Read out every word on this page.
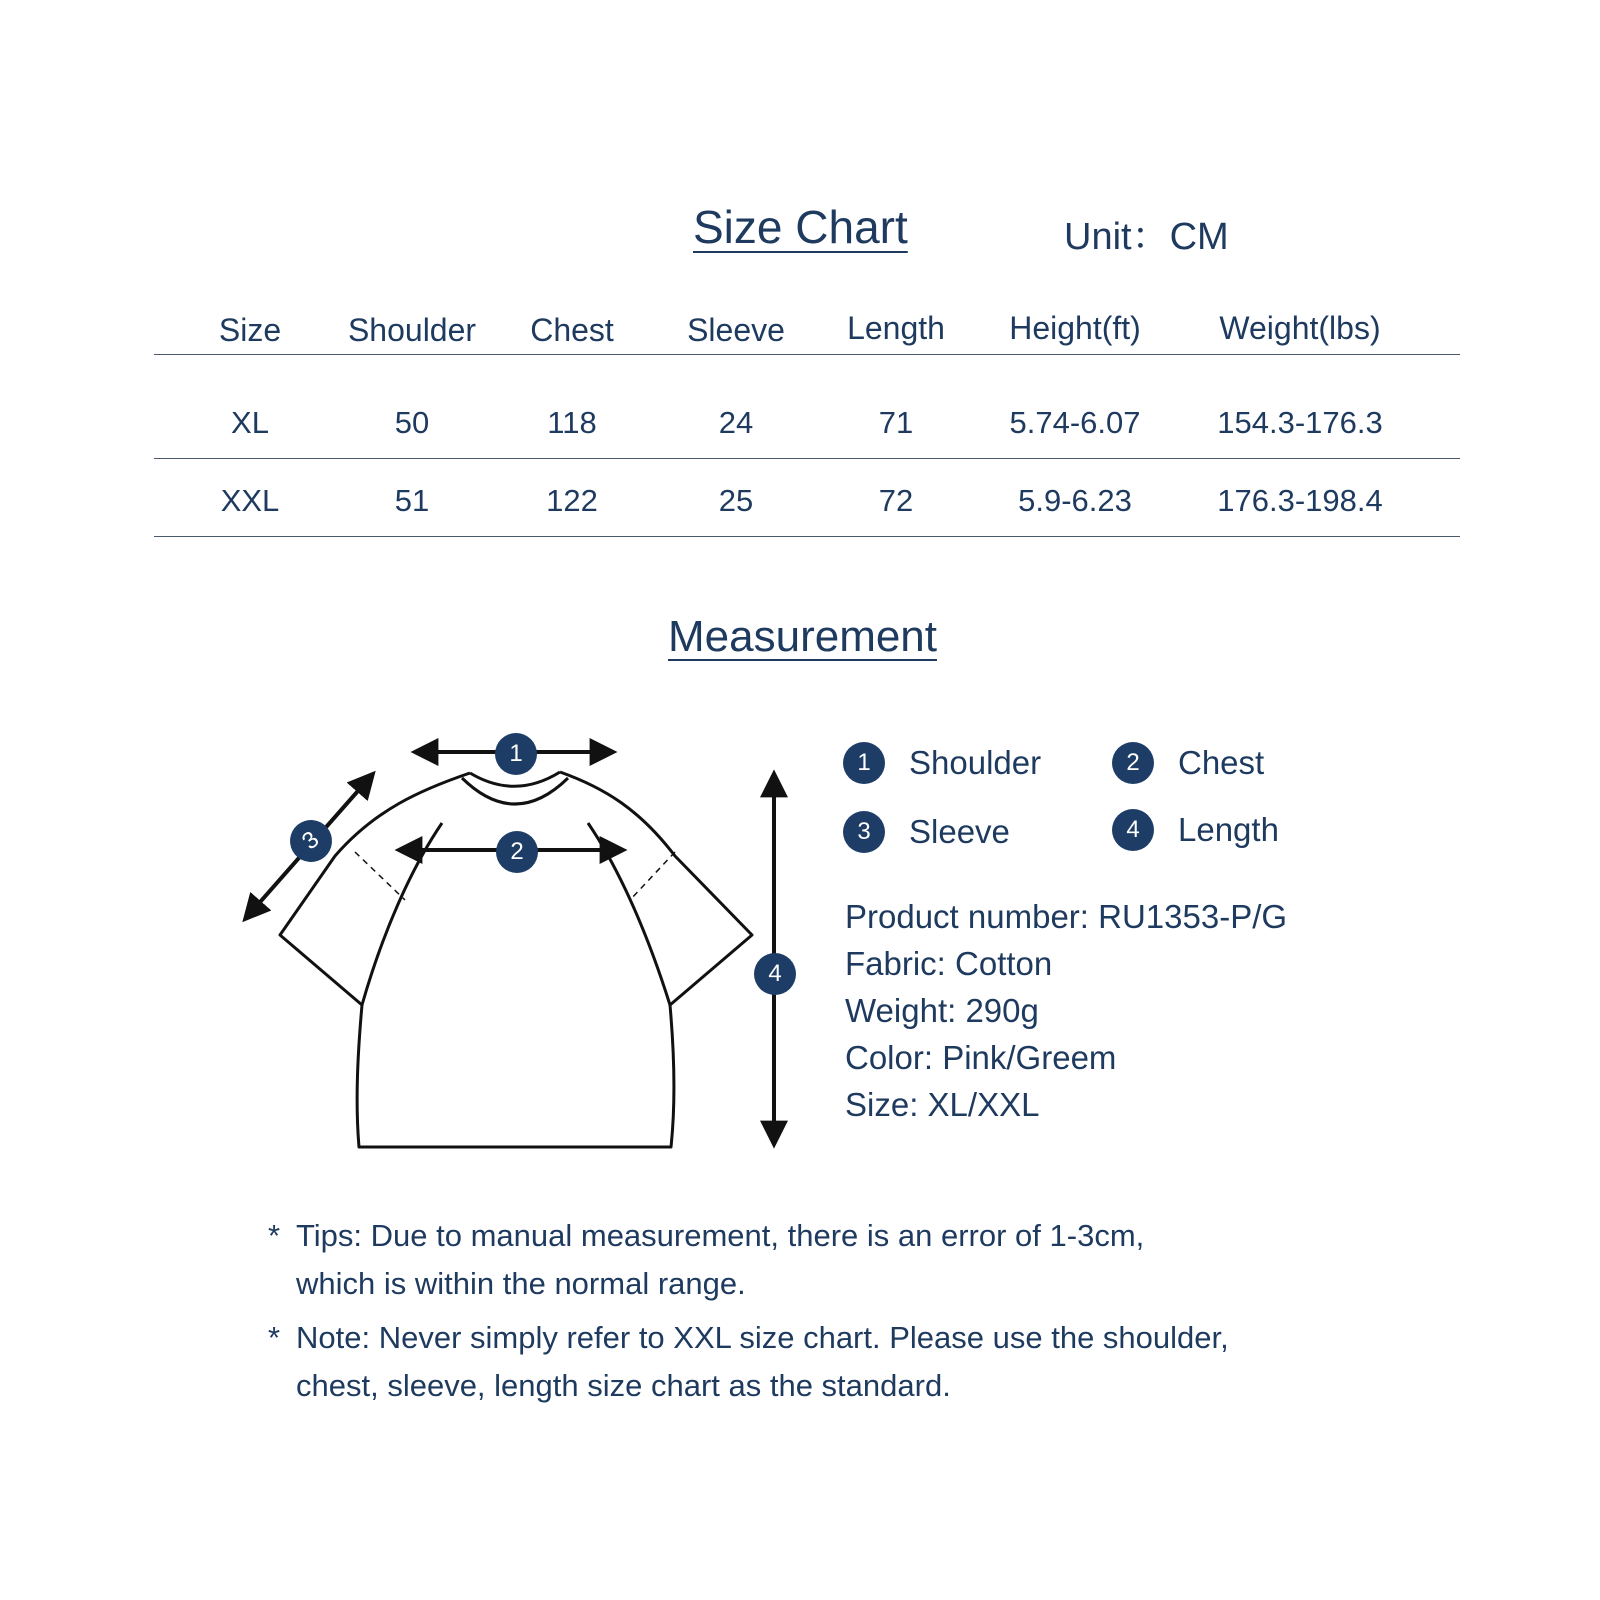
Size Chart	Unit：CM
Size	Shoulder	Chest	Sleeve	Length	Height(ft)	Weight(lbs)
XL	50	118	24	71	5.74-6.07	154.3-176.3
XXL	51	122	25	72	5.9-6.23	176.3-198.4
Measurement
1
2
3
4
1	Shoulder	2	Chest
3	Sleeve	4	Length
Product number: RU1353-P/G
Fabric: Cotton
Weight: 290g
Color: Pink/Greem
Size: XL/XXL
* Tips: Due to manual measurement, there is an error of 1-3cm,
which is within the normal range.
* Note: Never simply refer to XXL size chart. Please use the shoulder,
chest, sleeve, length size chart as the standard.
